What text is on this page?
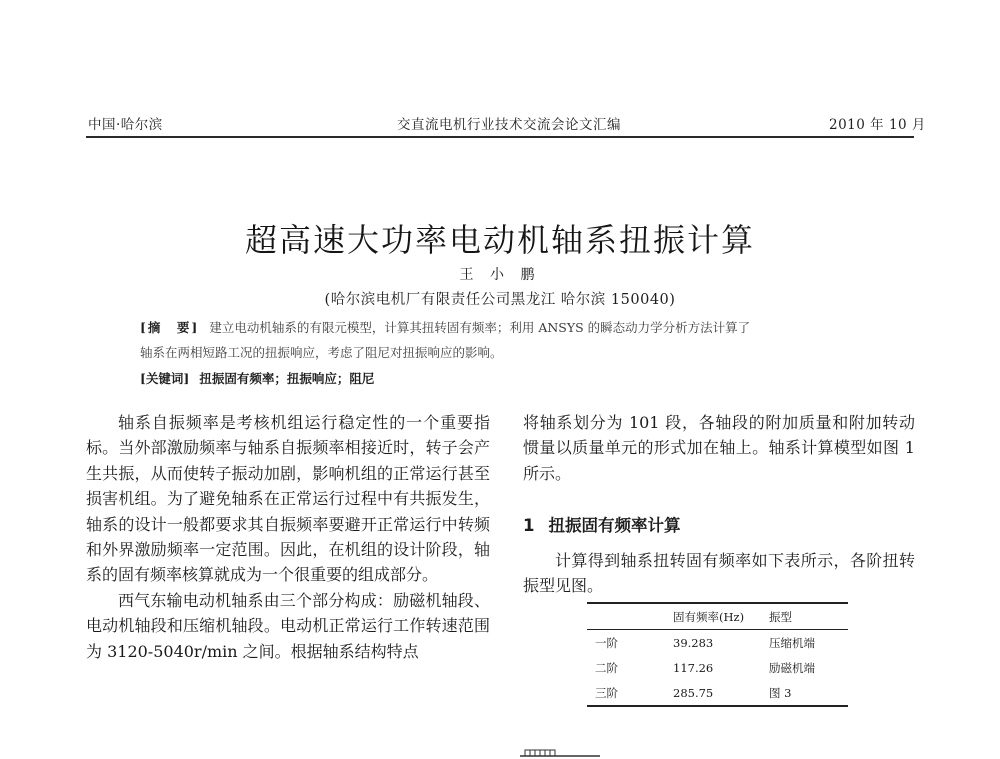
中国·哈尔滨	交直流电机行业技术交流会论文汇编	2010 年 10 月
超高速大功率电动机轴系扭振计算
王 小 鹏
(哈尔滨电机厂有限责任公司黑龙江 哈尔滨 150040)
[摘　要] 建立电动机轴系的有限元模型，计算其扭转固有频率；利用 ANSYS 的瞬态动力学分析方法计算了
轴系在两相短路工况的扭振响应，考虑了阻尼对扭振响应的影响。
[关键词] 扭振固有频率；扭振响应；阻尼

轴系自振频率是考核机组运行稳定性的一个重要指标。当外部激励频率与轴系自振频率相接近时，转子会产生共振，从而使转子振动加剧，影响机组的正常运行甚至损害机组。为了避免轴系在正常运行过程中有共振发生，轴系的设计一般都要求其自振频率要避开正常运行中转频和外界激励频率一定范围。因此，在机组的设计阶段，轴系的固有频率核算就成为一个很重要的组成部分。

西气东输电动机轴系由三个部分构成：励磁机轴段、电动机轴段和压缩机轴段。电动机正常运行工作转速范围为 3120-5040r/min 之间。根据轴系结构特点

将轴系划分为 101 段，各轴段的附加质量和附加转动惯量以质量单元的形式加在轴上。轴系计算模型如图 1 所示。

1 扭振固有频率计算

计算得到轴系扭转固有频率如下表所示，各阶扭转振型见图。

	固有频率(Hz)	振型
一阶	39.283	压缩机端
二阶	117.26	励磁机端
三阶	285.75	图 3
